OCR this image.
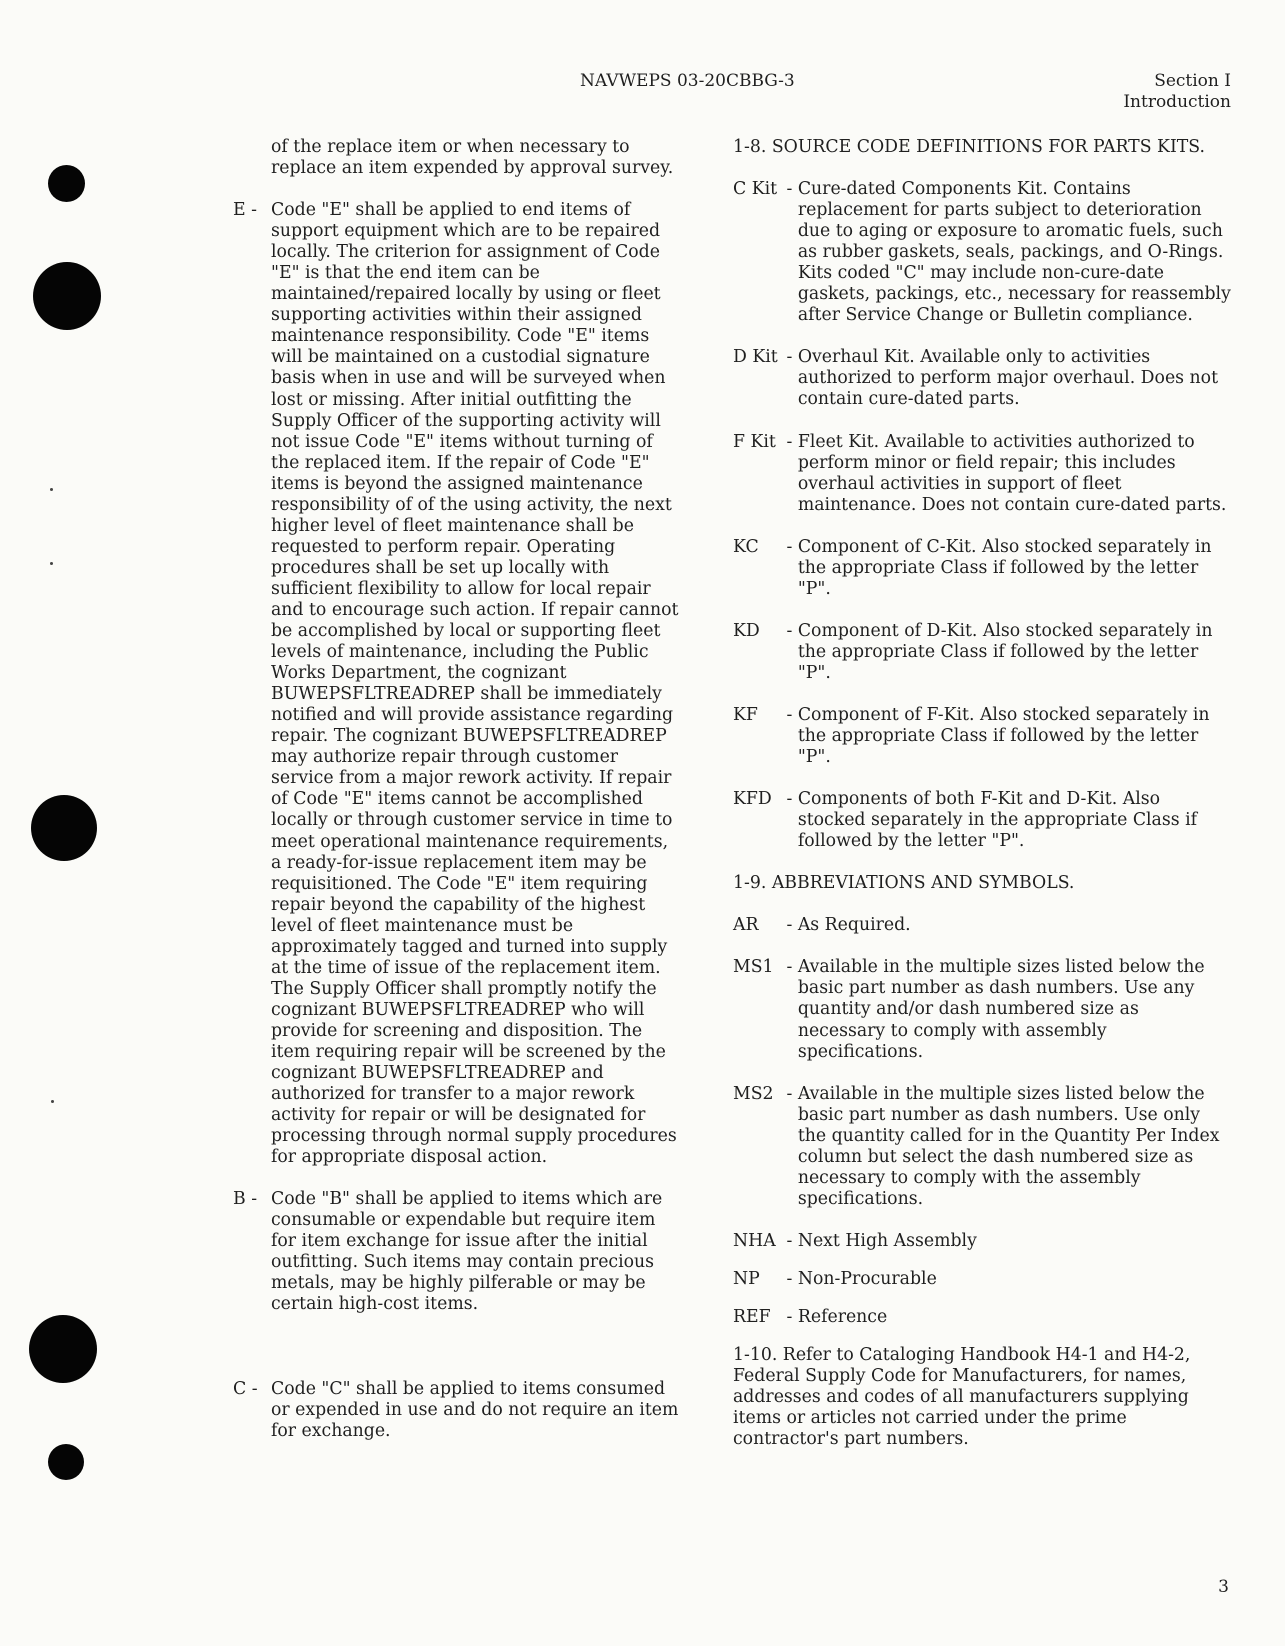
NAVWEPS 03-20CBBG-3	Section I
Introduction
of the replace item or when necessary to replace an item expended by approval survey.
E - Code "E" shall be applied to end items of support equipment which are to be repaired locally. The criterion for assignment of Code "E" is that the end item can be maintained/repaired locally by using or fleet supporting activities within their assigned maintenance responsibility. Code "E" items will be maintained on a custodial signature basis when in use and will be surveyed when lost or missing. After initial outfitting the Supply Officer of the supporting activity will not issue Code "E" items without turning of the replaced item. If the repair of Code "E" items is beyond the assigned maintenance responsibility of of the using activity, the next higher level of fleet maintenance shall be requested to perform repair. Operating procedures shall be set up locally with sufficient flexibility to allow for local repair and to encourage such action. If repair cannot be accomplished by local or supporting fleet levels of maintenance, including the Public Works Department, the cognizant BUWEPSFLTREADREP shall be immediately notified and will provide assistance regarding repair. The cognizant BUWEPSFLTREADREP may authorize repair through customer service from a major rework activity. If repair of Code "E" items cannot be accomplished locally or through customer service in time to meet operational maintenance requirements, a ready-for-issue replacement item may be requisitioned. The Code "E" item requiring repair beyond the capability of the highest level of fleet maintenance must be approximately tagged and turned into supply at the time of issue of the replacement item. The Supply Officer shall promptly notify the cognizant BUWEPSFLTREADREP who will provide for screening and disposition. The item requiring repair will be screened by the cognizant BUWEPSFLTREADREP and authorized for transfer to a major rework activity for repair or will be designated for processing through normal supply procedures for appropriate disposal action.
B - Code "B" shall be applied to items which are consumable or expendable but require item for item exchange for issue after the initial outfitting. Such items may contain precious metals, may be highly pilferable or may be certain high-cost items.
C - Code "C" shall be applied to items consumed or expended in use and do not require an item for exchange.
1-8. SOURCE CODE DEFINITIONS FOR PARTS KITS.
C Kit - Cure-dated Components Kit. Contains replacement for parts subject to deterioration due to aging or exposure to aromatic fuels, such as rubber gaskets, seals, packings, and O-Rings. Kits coded "C" may include non-cure-date gaskets, packings, etc., necessary for reassembly after Service Change or Bulletin compliance.
D Kit - Overhaul Kit. Available only to activities authorized to perform major overhaul. Does not contain cure-dated parts.
F Kit - Fleet Kit. Available to activities authorized to perform minor or field repair; this includes overhaul activities in support of fleet maintenance. Does not contain cure-dated parts.
KC	- Component of C-Kit. Also stocked separately in the appropriate Class if followed by the letter "P".
KD	- Component of D-Kit. Also stocked separately in the appropriate Class if followed by the letter "P".
KF	- Component of F-Kit. Also stocked separately in the appropriate Class if followed by the letter "P".
KFD - Components of both F-Kit and D-Kit. Also stocked separately in the appropriate Class if followed by the letter "P".
1-9. ABBREVIATIONS AND SYMBOLS.
AR	- As Required.
MS1 - Available in the multiple sizes listed below the basic part number as dash numbers. Use any quantity and/or dash numbered size as necessary to comply with assembly specifications.
MS2 - Available in the multiple sizes listed below the basic part number as dash numbers. Use only the quantity called for in the Quantity Per Index column but select the dash numbered size as necessary to comply with the assembly specifications.
NHA - Next High Assembly
NP	- Non-Procurable
REF - Reference
1-10. Refer to Cataloging Handbook H4-1 and H4-2, Federal Supply Code for Manufacturers, for names, addresses and codes of all manufacturers supplying items or articles not carried under the prime contractor's part numbers.
3
